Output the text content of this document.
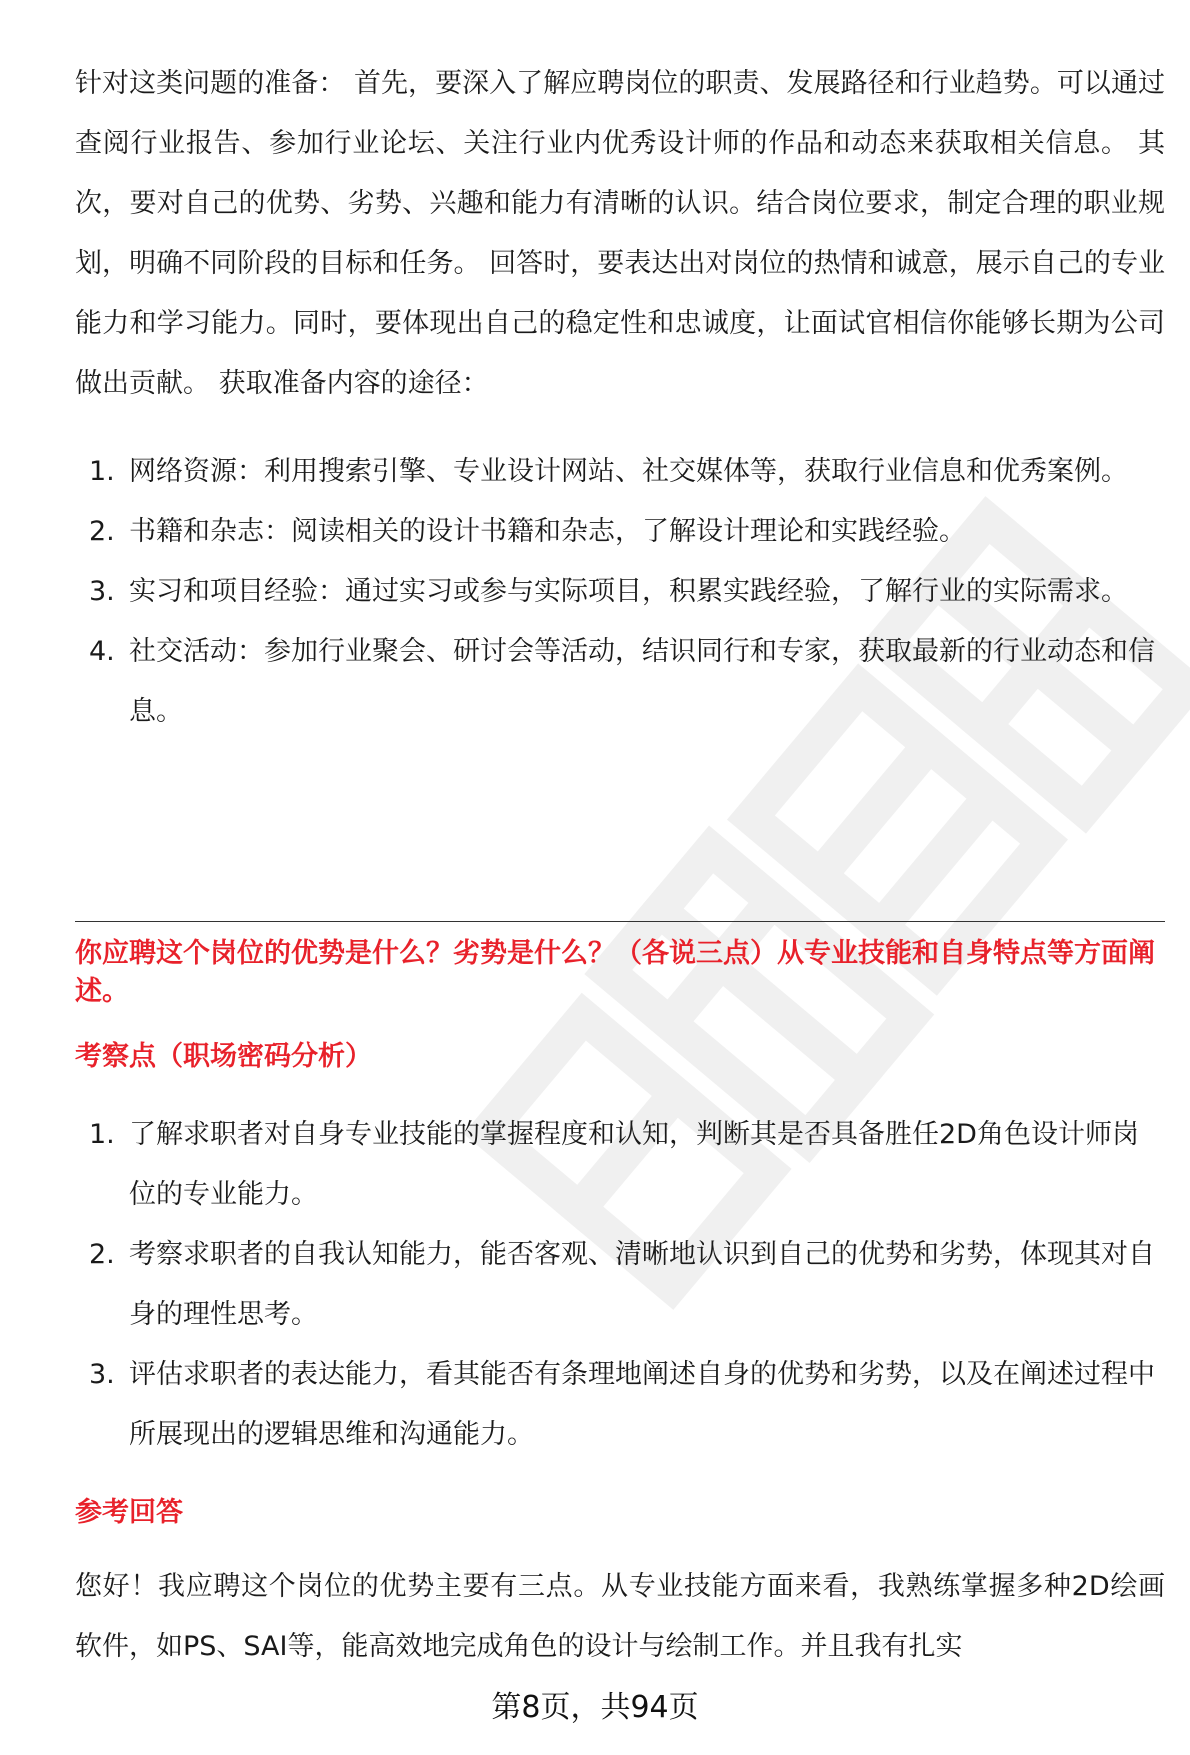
针对这类问题的准备： 首先，要深入了解应聘岗位的职责、发展路径和行业趋势。可以通过查阅行业报告、参加行业论坛、关注行业内优秀设计师的作品和动态来获取相关信息。 其次，要对自己的优势、劣势、兴趣和能力有清晰的认识。结合岗位要求，制定合理的职业规划，明确不同阶段的目标和任务。 回答时，要表达出对岗位的热情和诚意，展示自己的专业能力和学习能力。同时，要体现出自己的稳定性和忠诚度，让面试官相信你能够长期为公司做出贡献。 获取准备内容的途径：

1. 网络资源：利用搜索引擎、专业设计网站、社交媒体等，获取行业信息和优秀案例。
2. 书籍和杂志：阅读相关的设计书籍和杂志，了解设计理论和实践经验。
3. 实习和项目经验：通过实习或参与实际项目，积累实践经验，了解行业的实际需求。
4. 社交活动：参加行业聚会、研讨会等活动，结识同行和专家，获取最新的行业动态和信息。
你应聘这个岗位的优势是什么？劣势是什么？（各说三点）从专业技能和自身特点等方面阐述。
考察点（职场密码分析）
1. 了解求职者对自身专业技能的掌握程度和认知，判断其是否具备胜任2D角色设计师岗位的专业能力。
2. 考察求职者的自我认知能力，能否客观、清晰地认识到自己的优势和劣势，体现其对自身的理性思考。
3. 评估求职者的表达能力，看其能否有条理地阐述自身的优势和劣势，以及在阐述过程中所展现出的逻辑思维和沟通能力。
参考回答

您好！我应聘这个岗位的优势主要有三点。从专业技能方面来看，我熟练掌握多种2D绘画软件，如PS、SAI等，能高效地完成角色的设计与绘制工作。并且我有扎实

第8页，共94页
